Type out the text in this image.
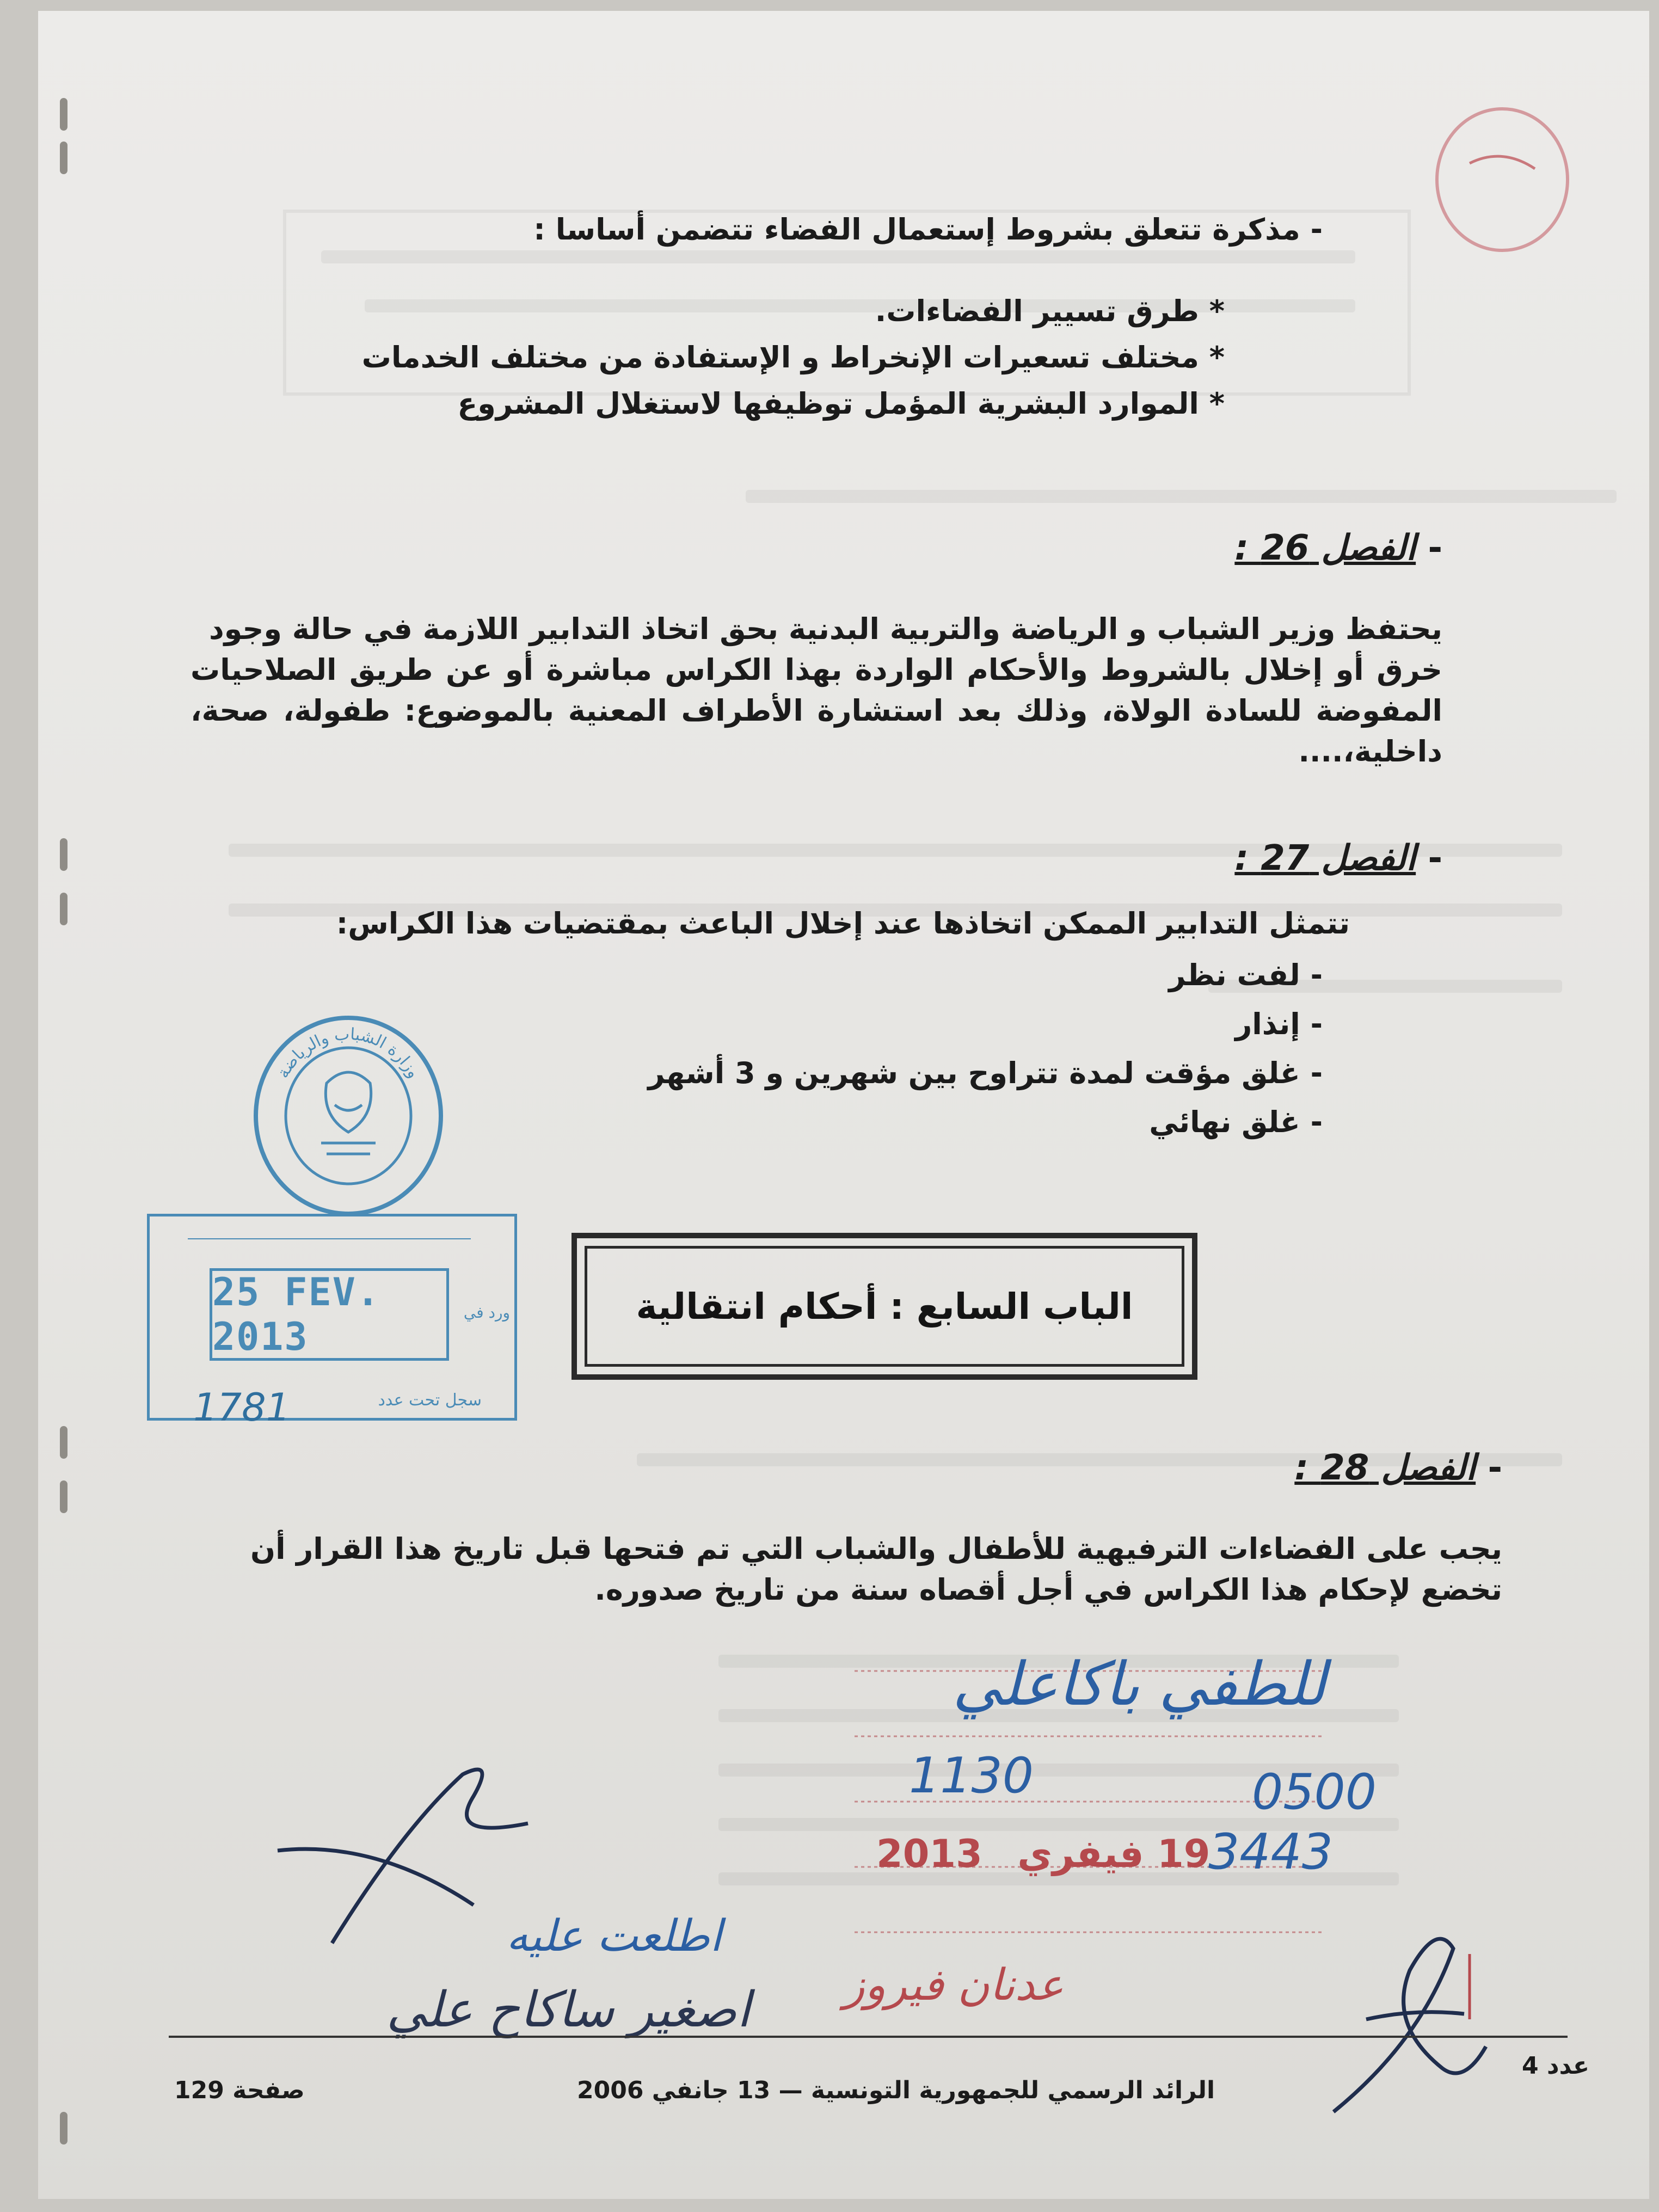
- مذكرة تتعلق بشروط إستعمال الفضاء تتضمن أساسا :
* طرق تسيير الفضاءات.
* مختلف تسعيرات الإنخراط و الإستفادة من مختلف الخدمات
* الموارد البشرية المؤمل توظيفها لاستغلال المشروع
- الفصل 26 :
يحتفظ وزير الشباب و الرياضة والتربية البدنية بحق اتخاذ التدابير اللازمة في حالة وجود
خرق أو إخلال بالشروط والأحكام الواردة بهذا الكراس مباشرة أو عن طريق الصلاحيات
المفوضة للسادة الولاة، وذلك بعد استشارة الأطراف المعنية بالموضوع: طفولة، صحة،
داخلية،....
- الفصل 27 :
تتمثل التدابير الممكن اتخاذها عند إخلال الباعث بمقتضيات هذا الكراس:
- لفت نظر
- إنذار
- غلق مؤقت لمدة تتراوح بين شهرين و 3 أشهر
- غلق نهائي
وزارة الشباب والرياضة
ورد في
25 FEV. 2013
سجل تحت عدد
1781
الباب السابع : أحكام انتقالية
- الفصل 28 :
يجب على الفضاءات الترفيهية للأطفال والشباب التي تم فتحها قبل تاريخ هذا القرار أن
تخضع لإحكام هذا الكراس في أجل أقصاه سنة من تاريخ صدوره.
2013 19 فيفري
للطفي باكاعلي
1130	0500
3443
اطلعت عليه
اصغير ساكاح علي عدنان فيروز
عدد 4
الرائد الرسمي للجمهورية التونسية — 13 جانفي 2006
صفحة 129
